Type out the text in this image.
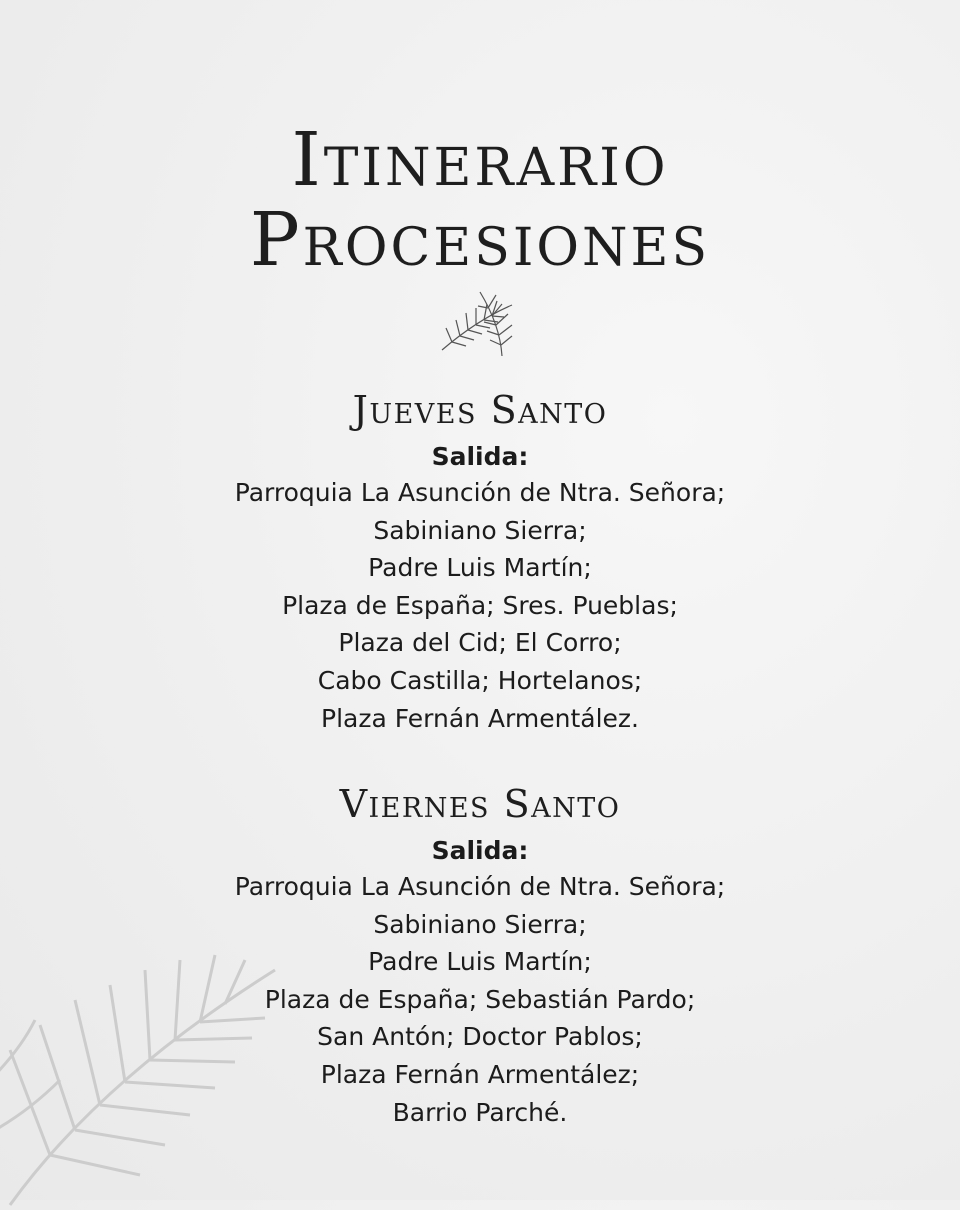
Itinerario
Procesiones
Jueves Santo

Salida:

Parroquia La Asunción de Ntra. Señora;

Sabiniano Sierra;

Padre Luis Martín;

Plaza de España; Sres. Pueblas;

Plaza del Cid; El Corro;

Cabo Castilla; Hortelanos;

Plaza Fernán Armentález.

Viernes Santo

Salida:

Parroquia La Asunción de Ntra. Señora;

Sabiniano Sierra;

Padre Luis Martín;

Plaza de España; Sebastián Pardo;

San Antón; Doctor Pablos;

Plaza Fernán Armentález;

Barrio Parché.
